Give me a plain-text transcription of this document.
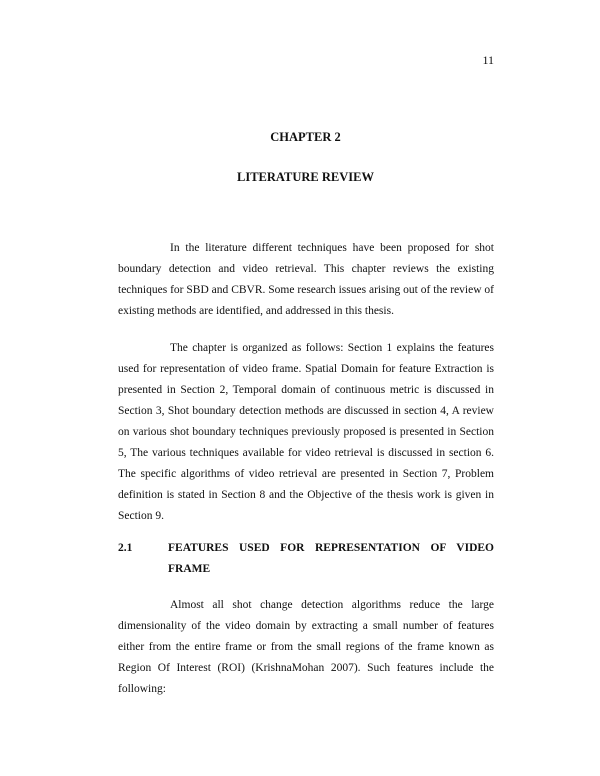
11
CHAPTER 2
LITERATURE REVIEW

In the literature different techniques have been proposed for shot boundary detection and video retrieval. This chapter reviews the existing techniques for SBD and CBVR. Some research issues arising out of the review of existing methods are identified, and addressed in this thesis.

The chapter is organized as follows: Section 1 explains the features used for representation of video frame. Spatial Domain for feature Extraction is presented in Section 2, Temporal domain of continuous metric is discussed in Section 3, Shot boundary detection methods are discussed in section 4, A review on various shot boundary techniques previously proposed is presented in Section 5, The various techniques available for video retrieval is discussed in section 6. The specific algorithms of video retrieval are presented in Section 7, Problem definition is stated in Section 8 and the Objective of the thesis work is given in Section 9.

2.1	FEATURES USED FOR REPRESENTATION OF VIDEO FRAME

Almost all shot change detection algorithms reduce the large dimensionality of the video domain by extracting a small number of features either from the entire frame or from the small regions of the frame known as Region Of Interest (ROI) (KrishnaMohan 2007). Such features include the following:
